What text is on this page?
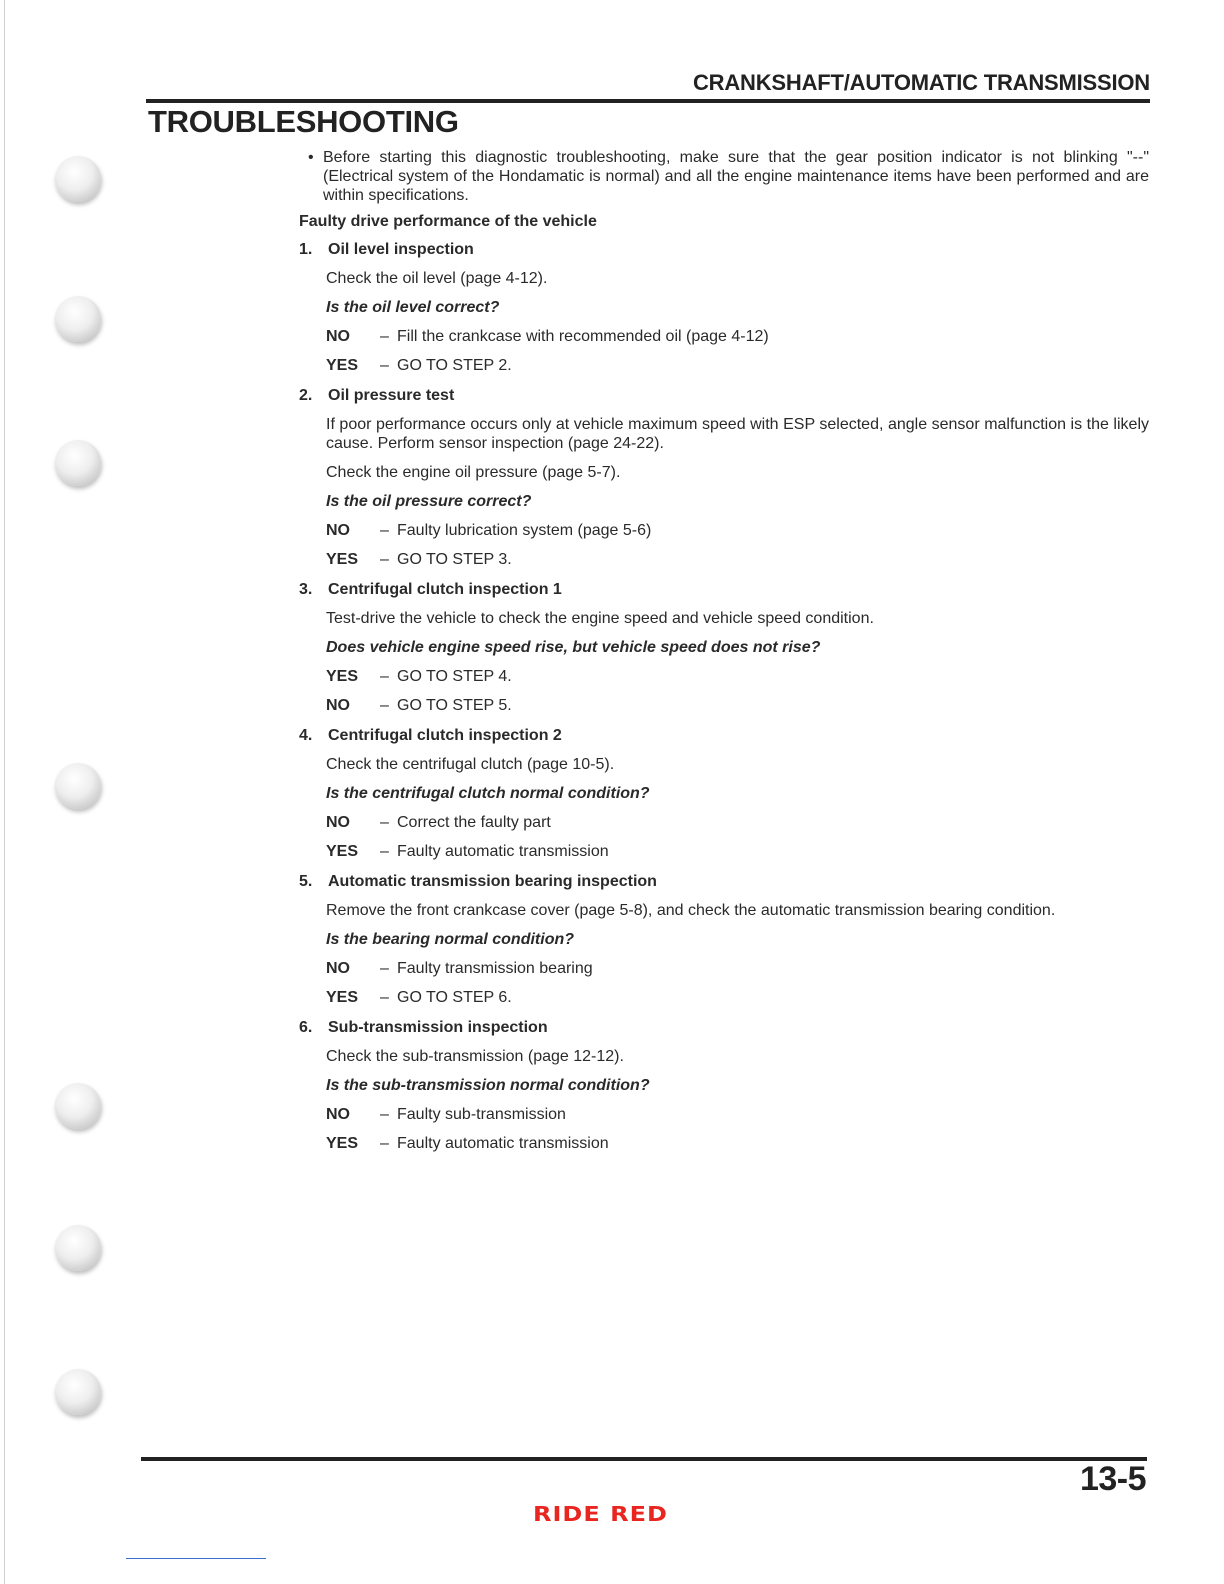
CRANKSHAFT/AUTOMATIC TRANSMISSION
TROUBLESHOOTING

• Before starting this diagnostic troubleshooting, make sure that the gear position indicator is not blinking "--" (Electrical system of the Hondamatic is normal) and all the engine maintenance items have been performed and are within specifications.

Faulty drive performance of the vehicle
1. Oil level inspection

Check the oil level (page 4-12).

Is the oil level correct?

NO	– Fill the crankcase with recommended oil (page 4-12)
YES	– GO TO STEP 2.
2. Oil pressure test

If poor performance occurs only at vehicle maximum speed with ESP selected, angle sensor malfunction is the likely cause. Perform sensor inspection (page 24-22).

Check the engine oil pressure (page 5-7).

Is the oil pressure correct?

NO	– Faulty lubrication system (page 5-6)
YES	– GO TO STEP 3.
3. Centrifugal clutch inspection 1

Test-drive the vehicle to check the engine speed and vehicle speed condition.

Does vehicle engine speed rise, but vehicle speed does not rise?

YES	– GO TO STEP 4.
NO	– GO TO STEP 5.
4. Centrifugal clutch inspection 2

Check the centrifugal clutch (page 10-5).

Is the centrifugal clutch normal condition?

NO	– Correct the faulty part
YES	– Faulty automatic transmission
5. Automatic transmission bearing inspection

Remove the front crankcase cover (page 5-8), and check the automatic transmission bearing condition.

Is the bearing normal condition?

NO	– Faulty transmission bearing
YES	– GO TO STEP 6.
6. Sub-transmission inspection

Check the sub-transmission (page 12-12).

Is the sub-transmission normal condition?

NO	– Faulty sub-transmission
YES	– Faulty automatic transmission
13-5
RIDE RED
